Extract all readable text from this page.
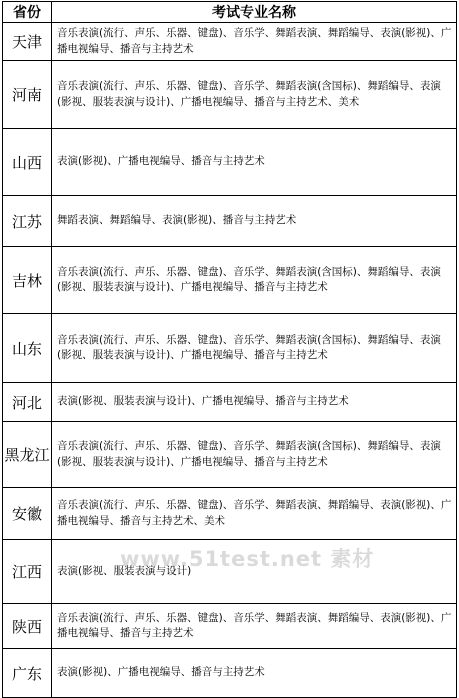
省份	考试专业名称
天津	音乐表演(流行、声乐、乐器、键盘)、音乐学、舞蹈表演、舞蹈编导、表演(影视)、广播电视编导、播音与主持艺术
河南	音乐表演(流行、声乐、乐器、键盘)、音乐学、舞蹈表演(含国标)、舞蹈编导、表演(影视、服装表演与设计)、广播电视编导、播音与主持艺术、美术
山西	表演(影视)、广播电视编导、播音与主持艺术
江苏	舞蹈表演、舞蹈编导、表演(影视)、播音与主持艺术
吉林	音乐表演(流行、声乐、乐器、键盘)、音乐学、舞蹈表演(含国标)、舞蹈编导、表演(影视、服装表演与设计)、广播电视编导、播音与主持艺术
山东	音乐表演(流行、声乐、乐器、键盘)、音乐学、舞蹈表演(含国标)、舞蹈编导、表演(影视、服装表演与设计)、广播电视编导、播音与主持艺术
河北	表演(影视、服装表演与设计)、广播电视编导、播音与主持艺术
黑龙江	音乐表演(流行、声乐、乐器、键盘)、音乐学、舞蹈表演(含国标)、舞蹈编导、表演(影视、服装表演与设计)、广播电视编导、播音与主持艺术
安徽	音乐表演(流行、声乐、乐器、键盘)、音乐学、舞蹈表演、舞蹈编导、表演(影视)、广播电视编导、播音与主持艺术、美术
江西	表演(影视、服装表演与设计)
陕西	音乐表演(流行、声乐、乐器、键盘)、音乐学、舞蹈表演、舞蹈编导、表演(影视)、广播电视编导、播音与主持艺术
广东	表演(影视)、广播电视编导、播音与主持艺术
www.51test.net 素材
